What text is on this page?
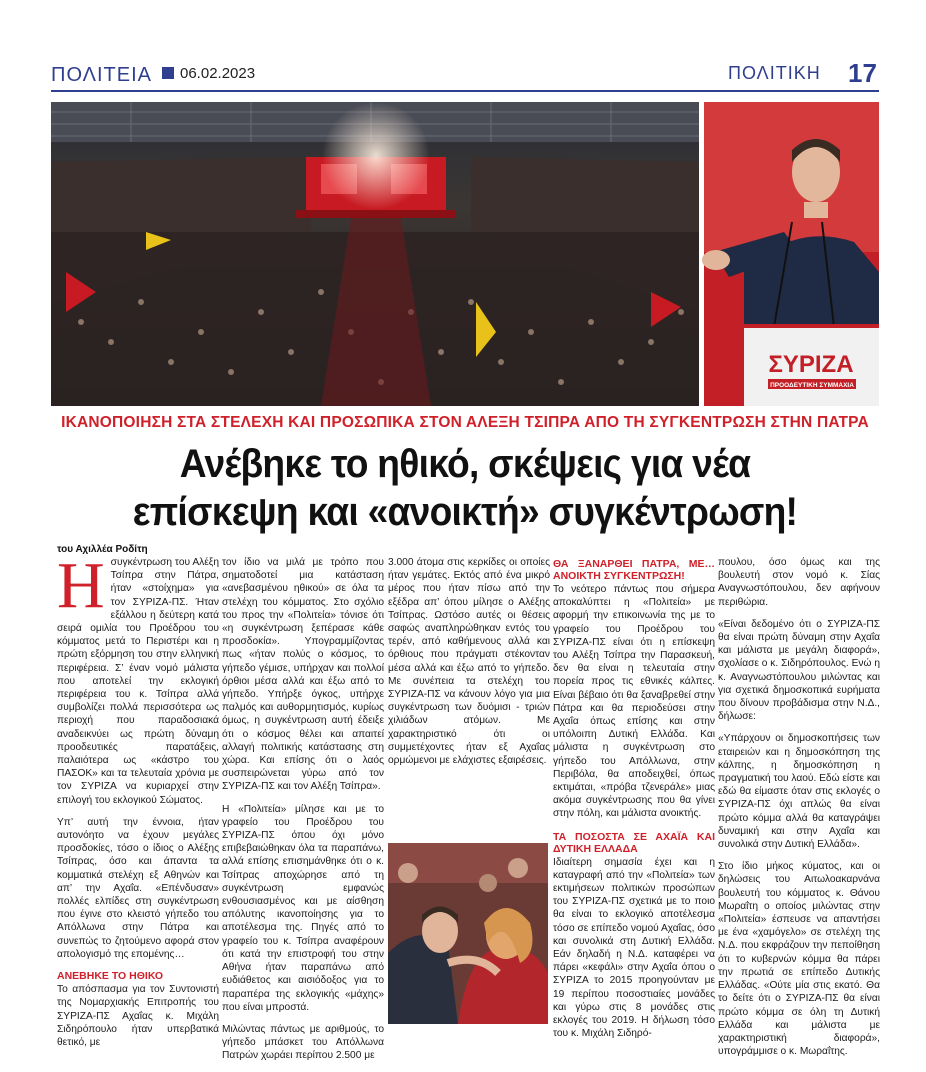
ΠΟΛΙΤΕΙΑ 06.02.2023	ΠΟΛΙΤΙΚΗ 17
ΣΥΡΙΖΑ
ΠΡΟΟΔΕΥΤΙΚΗ ΣΥΜΜΑΧΙΑ
ΙΚΑΝΟΠΟΙΗΣΗ ΣΤΑ ΣΤΕΛΕΧΗ ΚΑΙ ΠΡΟΣΩΠΙΚΑ ΣΤΟΝ ΑΛΕΞΗ ΤΣΙΠΡΑ ΑΠΟ ΤΗ ΣΥΓΚΕΝΤΡΩΣΗ ΣΤΗΝ ΠΑΤΡΑ
Ανέβηκε το ηθικό, σκέψεις για νέα
επίσκεψη και «ανοικτή» συγκέντρωση!
του Αχιλλέα Ροδίτη

Η συγκέντρωση του Αλέξη Τσίπρα στην Πάτρα, ήταν «στοίχημα» για τον ΣΥΡΙΖΑ-ΠΣ. Ήταν εξάλλου η δεύτερη κατά σειρά ομιλία του Προέδρου του κόμματος μετά το Περιστέρι και η πρώτη εξόρμηση του στην ελληνική περιφέρεια. Σ’ έναν νομό μάλιστα που αποτελεί την εκλογική περιφέρεια του κ. Τσίπρα αλλά συμβολίζει πολλά περισσότερα ως περιοχή που παραδοσιακά αναδεικνύει ως πρώτη δύναμη προοδευτικές παρατάξεις, παλαιότερα ως «κάστρο του ΠΑΣΟΚ» και τα τελευταία χρόνια με τον ΣΥΡΙΖΑ να κυριαρχεί στην επιλογή του εκλογικού Σώματος.

Υπ’ αυτή την έννοια, ήταν αυτονόητο να έχουν μεγάλες προσδοκίες, τόσο ο ίδιος ο Αλέξης Τσίπρας, όσο και άπαντα τα κομματικά στελέχη εξ Αθηνών και απ’ την Αχαΐα. «Επένδυσαν» πολλές ελπίδες στη συγκέντρωση που έγινε στο κλειστό γήπεδο του Απόλλωνα στην Πάτρα και συνεπώς το ζητούμενο αφορά στον απολογισμό της επομένης…

ΑΝΕΒΗΚΕ ΤΟ ΗΘΙΚΟ

Το απόσπασμα για τον Συντονιστή της Νομαρχιακής Επιτροπής του ΣΥΡΙΖΑ-ΠΣ Αχαΐας κ. Μιχάλη Σιδηρόπουλο ήταν υπερβατικά θετικό, με

τον ίδιο να μιλά με τρόπο που σηματοδοτεί μια κατάσταση «ανεβασμένου ηθικού» σε όλα τα στελέχη του κόμματος. Στο σχόλιο του προς την «Πολιτεία» τόνισε ότι «η συγκέντρωση ξεπέρασε κάθε προσδοκία». Υπογραμμίζοντας πως «ήταν πολύς ο κόσμος, το γήπεδο γέμισε, υπήρχαν και πολλοί όρθιοι μέσα αλλά και έξω από το γήπεδο. Υπήρξε όγκος, υπήρχε παλμός και αυθορμητισμός, κυρίως όμως, η συγκέντρωση αυτή έδειξε ότι ο κόσμος θέλει και απαιτεί αλλαγή πολιτικής κατάστασης στη χώρα. Και επίσης ότι ο λαός συσπειρώνεται γύρω από τον ΣΥΡΙΖΑ-ΠΣ και τον Αλέξη Τσίπρα».

Η «Πολιτεία» μίλησε και με το γραφείο του Προέδρου του ΣΥΡΙΖΑ-ΠΣ όπου όχι μόνο επιβεβαιώθηκαν όλα τα παραπάνω, αλλά επίσης επισημάνθηκε ότι ο κ. Τσίπρας αποχώρησε από τη συγκέντρωση εμφανώς ενθουσιασμένος και με αίσθηση απόλυτης ικανοποίησης για το αποτέλεσμα της. Πηγές από το γραφείο του κ. Τσίπρα αναφέρουν ότι κατά την επιστροφή του στην Αθήνα ήταν παραπάνω από ευδιάθετος και αισιόδοξος για το παραπέρα της εκλογικής «μάχης» που είναι μπροστά.

Μιλώντας πάντως με αριθμούς, το γήπεδο μπάσκετ του Απόλλωνα Πατρών χωράει περίπου 2.500 με

3.000 άτομα στις κερκίδες οι οποίες ήταν γεμάτες. Εκτός από ένα μικρό μέρος που ήταν πίσω από την εξέδρα απ’ όπου μίλησε ο Αλέξης Τσίπρας. Ωστόσο αυτές οι θέσεις σαφώς αναπληρώθηκαν εντός του τερέν, από καθήμενους αλλά και όρθιους που πράγματι στέκονταν μέσα αλλά και έξω από το γήπεδο. Με συνέπεια τα στελέχη του ΣΥΡΙΖΑ-ΠΣ να κάνουν λόγο για μια συγκέντρωση των δυόμισι - τριών χιλιάδων ατόμων. Με χαρακτηριστικό ότι οι συμμετέχοντες ήταν εξ Αχαΐας ορμώμενοι με ελάχιστες εξαιρέσεις.

ΘΑ ΞΑΝΑΡΘΕΙ ΠΑΤΡΑ, ΜΕ… ΑΝΟΙΚΤΗ ΣΥΓΚΕΝΤΡΩΣΗ!

Το νεότερο πάντως που σήμερα αποκαλύπτει η «Πολιτεία» με αφορμή την επικοινωνία της με το γραφείο του Προέδρου του ΣΥΡΙΖΑ-ΠΣ είναι ότι η επίσκεψη του Αλέξη Τσίπρα την Παρασκευή, δεν θα είναι η τελευταία στην πορεία προς τις εθνικές κάλπες. Είναι βέβαιο ότι θα ξαναβρεθεί στην Πάτρα και θα περιοδεύσει στην Αχαΐα όπως επίσης και στην υπόλοιπη Δυτική Ελλάδα. Και μάλιστα η συγκέντρωση στο γήπεδο του Απόλλωνα, στην Περιβόλα, θα αποδειχθεί, όπως εκτιμάται, «πρόβα τζενεράλε» μιας ακόμα συγκέντρωσης που θα γίνει στην πόλη, και μάλιστα ανοικτής.

ΤΑ ΠΟΣΟΣΤΑ ΣΕ ΑΧΑΪΑ ΚΑΙ ΔΥΤΙΚΗ ΕΛΛΑΔΑ

Ιδιαίτερη σημασία έχει και η καταγραφή από την «Πολιτεία» των εκτιμήσεων πολιτικών προσώπων του ΣΥΡΙΖΑ-ΠΣ σχετικά με το ποιο θα είναι το εκλογικό αποτέλεσμα τόσο σε επίπεδο νομού Αχαΐας, όσο και συνολικά στη Δυτική Ελλάδα. Εάν δηλαδή η Ν.Δ. καταφέρει να πάρει «κεφάλι» στην Αχαΐα όπου ο ΣΥΡΙΖΑ το 2015 προηγούνταν με 19 περίπου ποσοστιαίες μονάδες και γύρω στις 8 μονάδες στις εκλογές του 2019. Η δήλωση τόσο του κ. Μιχάλη Σιδηρό-

πουλου, όσο όμως και της βουλευτή στον νομό κ. Σίας Αναγνωστόπουλου, δεν αφήνουν περιθώρια.

«Είναι δεδομένο ότι ο ΣΥΡΙΖΑ-ΠΣ θα είναι πρώτη δύναμη στην Αχαΐα και μάλιστα με μεγάλη διαφορά», σχολίασε ο κ. Σιδηρόπουλος. Ενώ η κ. Αναγνωστόπουλου μιλώντας και για σχετικά δημοσκοπικά ευρήματα που δίνουν προβάδισμα στην Ν.Δ., δήλωσε:

«Υπάρχουν οι δημοσκοπήσεις των εταιρειών και η δημοσκόπηση της κάλπης, η δημοσκόπηση η πραγματική του λαού. Εδώ είστε και εδώ θα είμαστε όταν στις εκλογές ο ΣΥΡΙΖΑ-ΠΣ όχι απλώς θα είναι πρώτο κόμμα αλλά θα καταγράψει δυναμική και στην Αχαΐα και συνολικά στην Δυτική Ελλάδα».

Στο ίδιο μήκος κύματος, και οι δηλώσεις του Αιτωλοακαρνάνα βουλευτή του κόμματος κ. Θάνου Μωραΐτη ο οποίος μιλώντας στην «Πολιτεία» έσπευσε να απαντήσει με ένα «χαμόγελο» σε στελέχη της Ν.Δ. που εκφράζουν την πεποίθηση ότι το κυβερνών κόμμα θα πάρει την πρωτιά σε επίπεδο Δυτικής Ελλάδας. «Ούτε μία στις εκατό. Θα το δείτε ότι ο ΣΥΡΙΖΑ-ΠΣ θα είναι πρώτο κόμμα σε όλη τη Δυτική Ελλάδα και μάλιστα με χαρακτηριστική διαφορά», υπογράμμισε ο κ. Μωραΐτης.
